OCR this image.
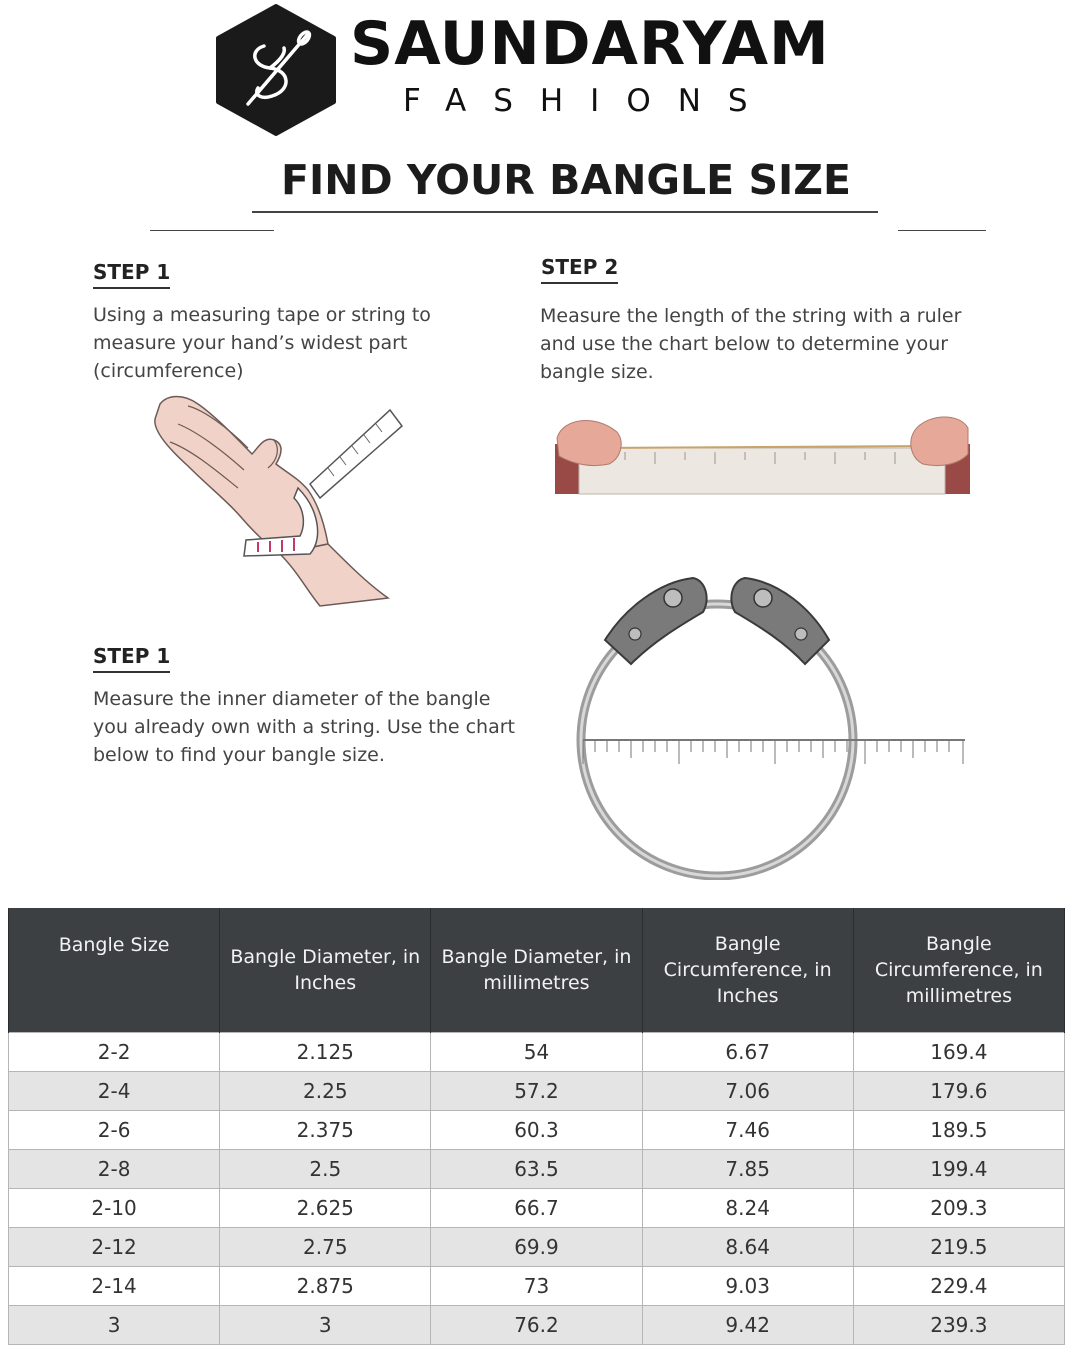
SAUNDARYAM
FASHIONS
FIND YOUR BANGLE SIZE
STEP 1
Using a measuring tape or string to measure your hand’s widest part (circumference)
STEP 2
Measure the length of the string with a ruler and use the chart below to determine your bangle size.
STEP 1
Measure the inner diameter of the bangle you already own with a string. Use the chart below to find your bangle size.
Bangle Size	Bangle Diameter, in Inches	Bangle Diameter, in millimetres	Bangle Circumference, in Inches	Bangle Circumference, in millimetres
2-2	2.125	54	6.67	169.4
2-4	2.25	57.2	7.06	179.6
2-6	2.375	60.3	7.46	189.5
2-8	2.5	63.5	7.85	199.4
2-10	2.625	66.7	8.24	209.3
2-12	2.75	69.9	8.64	219.5
2-14	2.875	73	9.03	229.4
3	3	76.2	9.42	239.3
